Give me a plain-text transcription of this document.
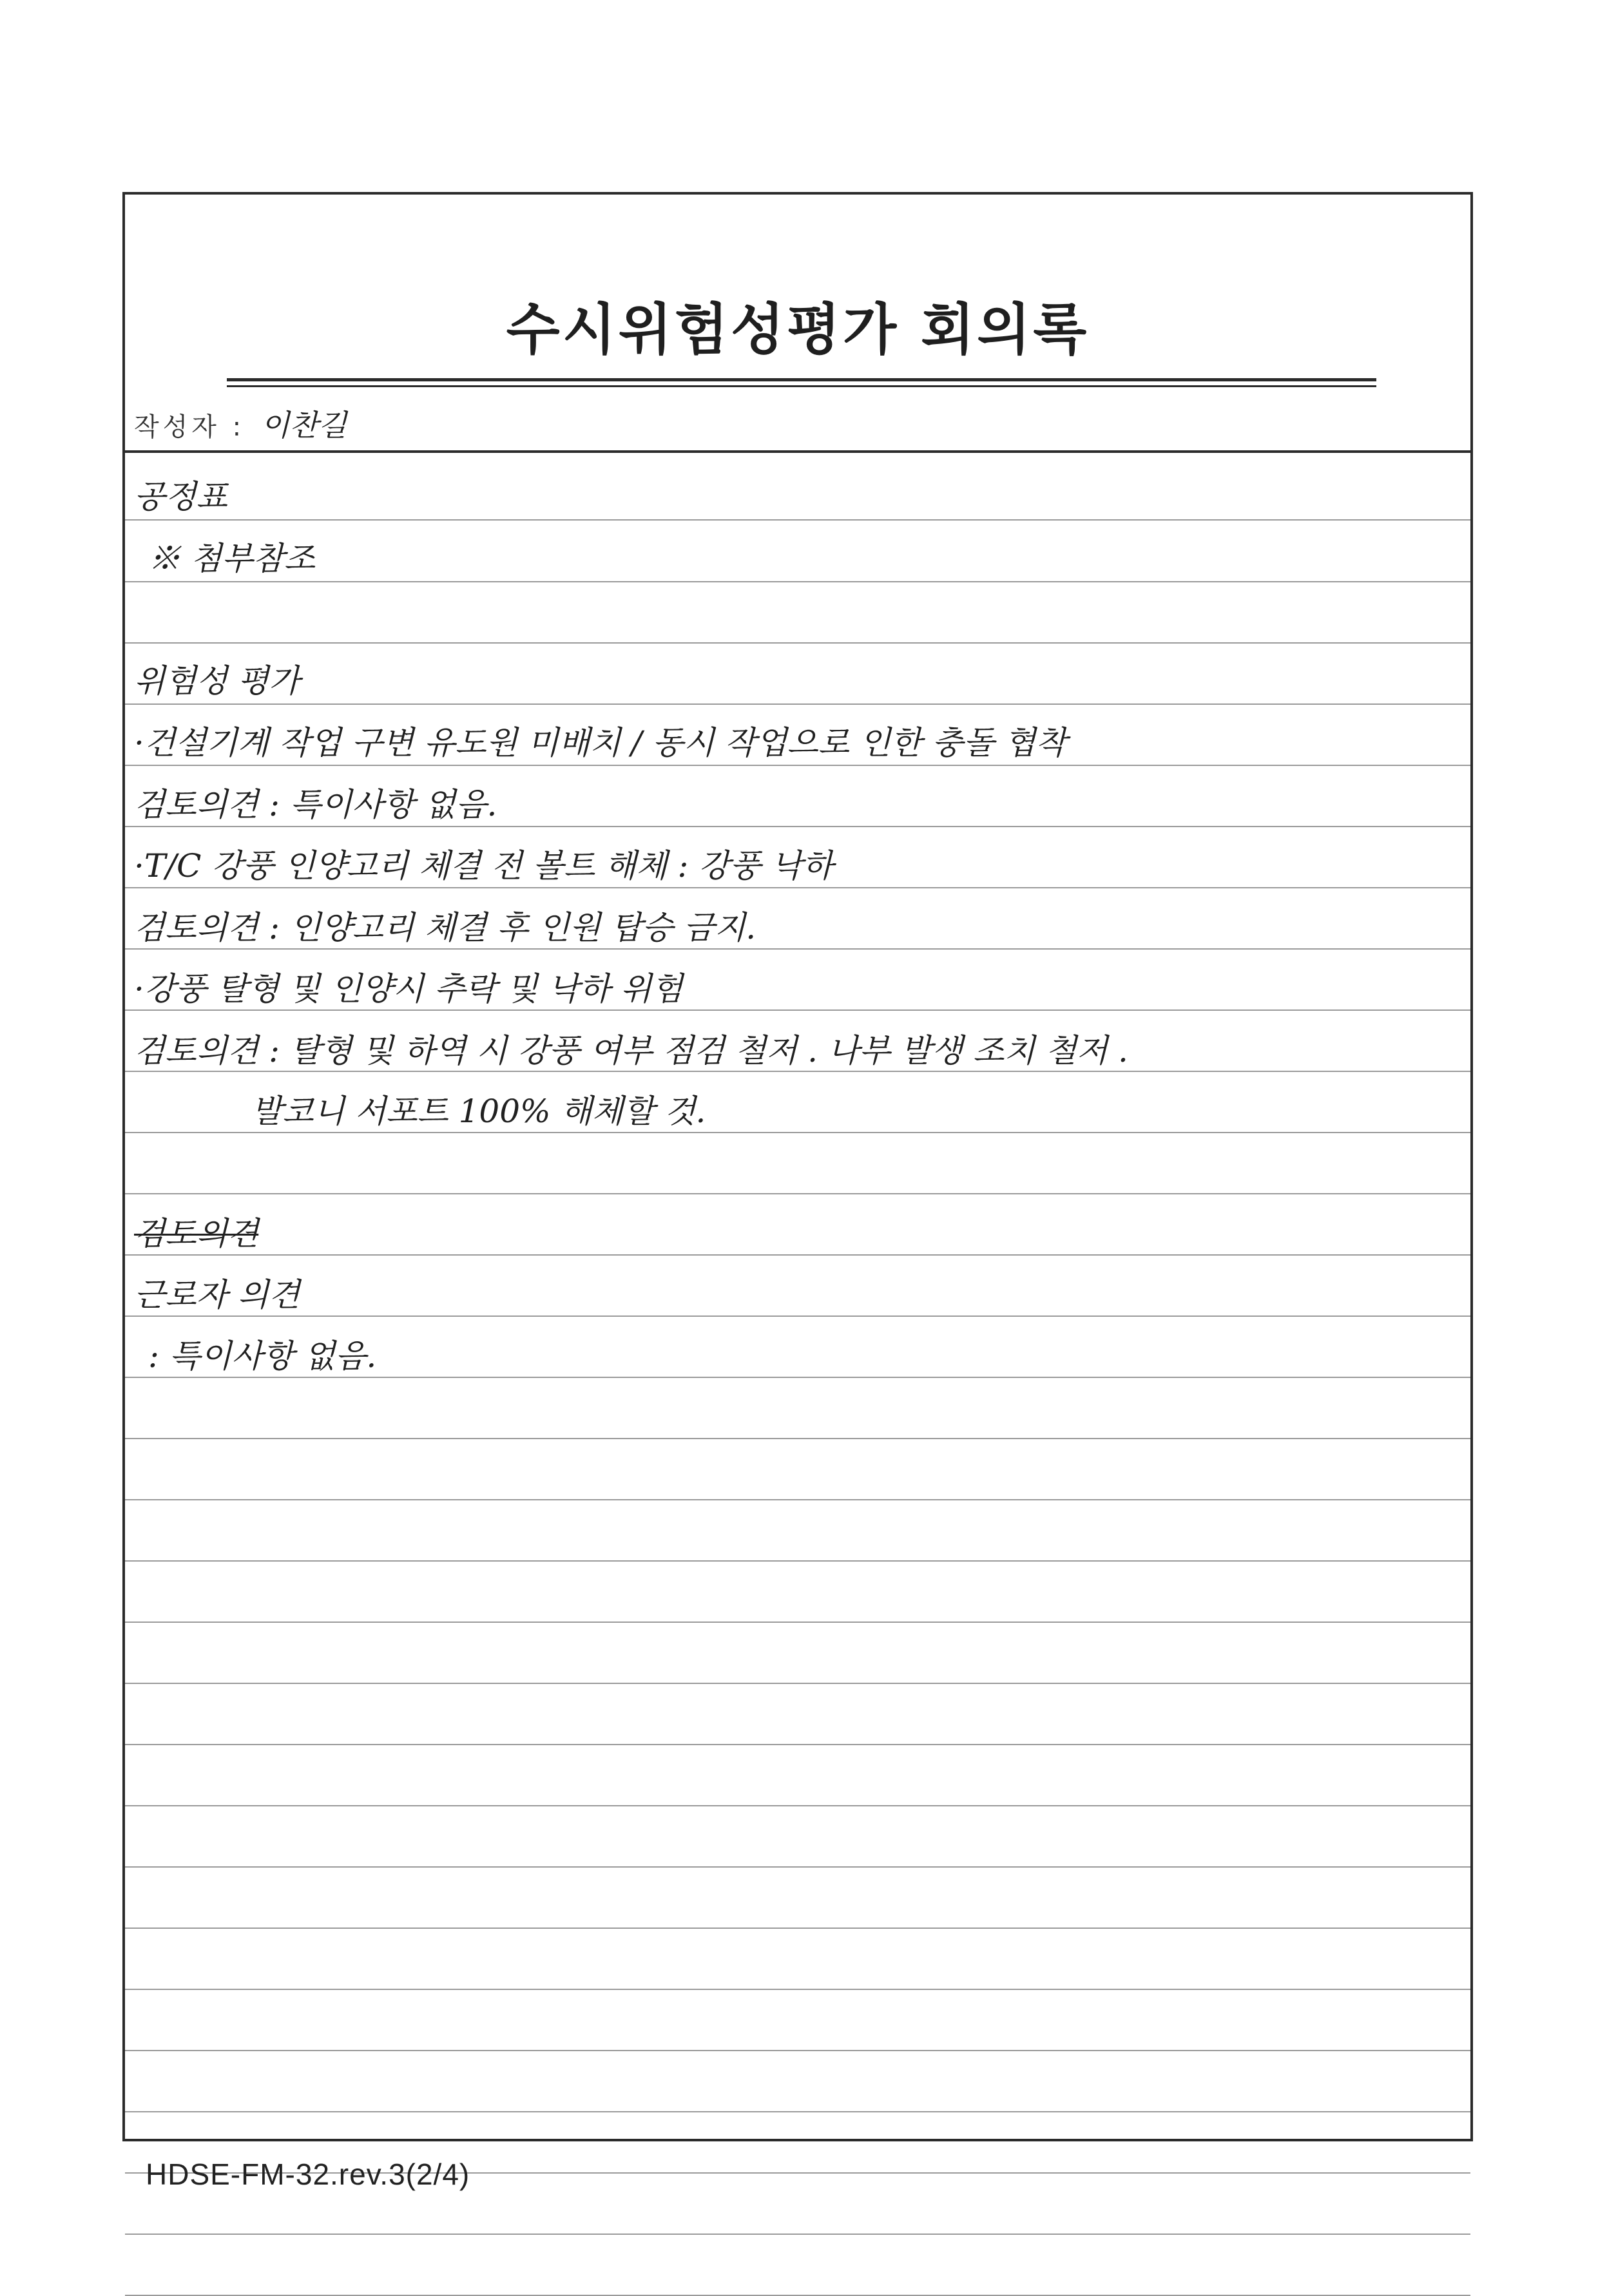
수시위험성평가 회의록
작성자 : 이찬길
공정표
※ 첨부참조
위험성 평가
·건설기계 작업 구변 유도원 미배치 / 동시 작업으로 인한 충돌 협착
검토의견 : 특이사항 없음.
·T/C 강풍 인양고리 체결 전 볼트 해체 : 강풍 낙하
검토의견 : 인양고리 체결 후 인원 탑승 금지.
·강풍 탈형 및 인양시 추락 및 낙하 위험
검토의견 : 탈형 및 하역 시 강풍 여부 점검 철저 . 나부 발생 조치 철저 .
발코니 서포트 100% 해체할 것.
검토의견
근로자 의견
: 특이사항 없음.
HDSE-FM-32.rev.3(2/4)
